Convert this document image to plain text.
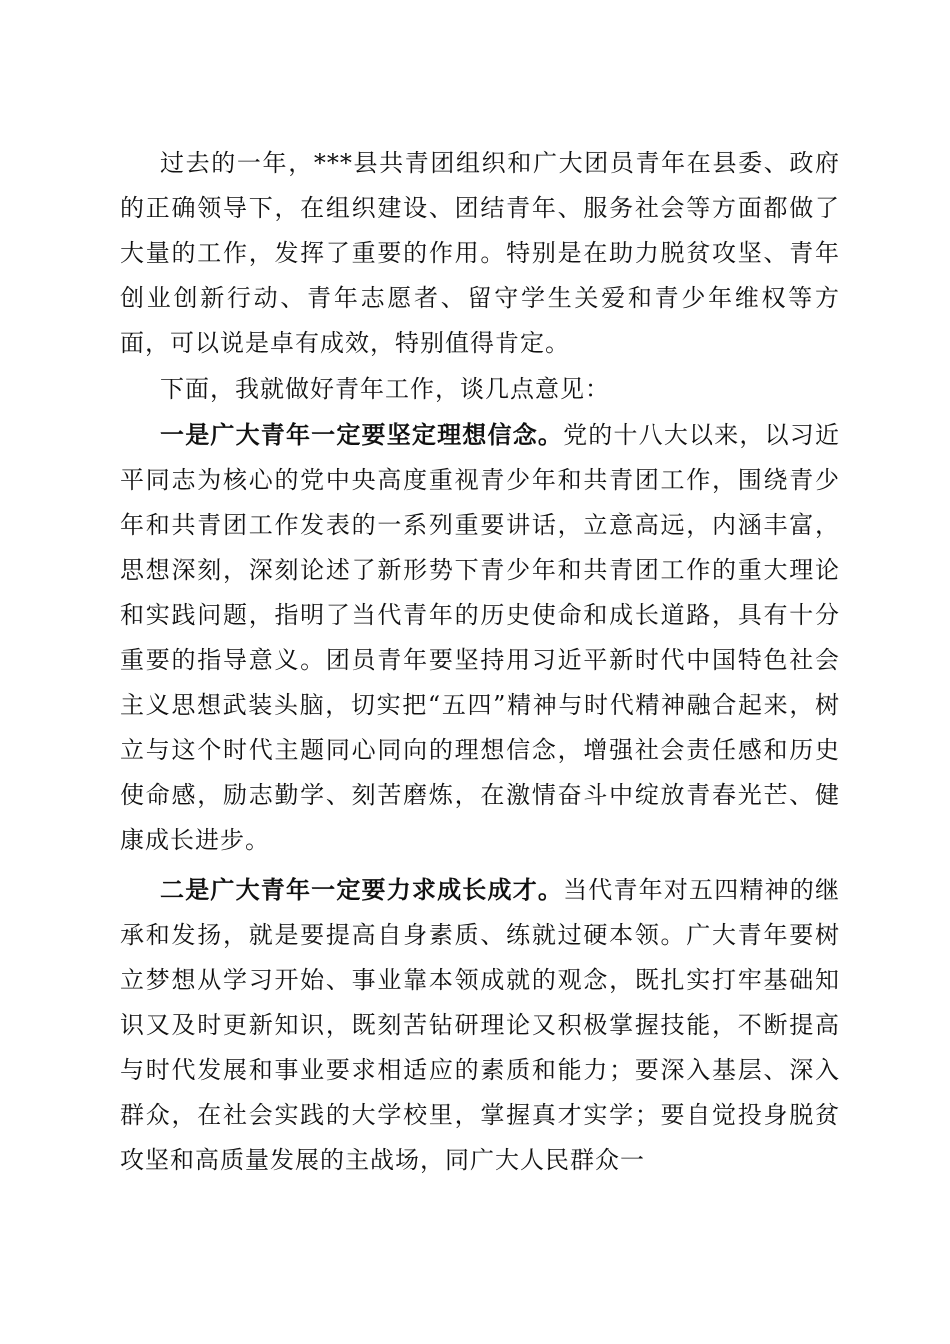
过去的一年，***县共青团组织和广大团员青年在县委、政府的正确领导下，在组织建设、团结青年、服务社会等方面都做了大量的工作，发挥了重要的作用。特别是在助力脱贫攻坚、青年创业创新行动、青年志愿者、留守学生关爱和青少年维权等方面，可以说是卓有成效，特别值得肯定。

下面，我就做好青年工作，谈几点意见：

一是广大青年一定要坚定理想信念。党的十八大以来，以习近平同志为核心的党中央高度重视青少年和共青团工作，围绕青少年和共青团工作发表的一系列重要讲话，立意高远，内涵丰富，思想深刻，深刻论述了新形势下青少年和共青团工作的重大理论和实践问题，指明了当代青年的历史使命和成长道路，具有十分重要的指导意义。团员青年要坚持用习近平新时代中国特色社会主义思想武装头脑，切实把“五四”精神与时代精神融合起来，树立与这个时代主题同心同向的理想信念，增强社会责任感和历史使命感，励志勤学、刻苦磨炼，在激情奋斗中绽放青春光芒、健康成长进步。

二是广大青年一定要力求成长成才。当代青年对五四精神的继承和发扬，就是要提高自身素质、练就过硬本领。广大青年要树立梦想从学习开始、事业靠本领成就的观念，既扎实打牢基础知识又及时更新知识，既刻苦钻研理论又积极掌握技能，不断提高与时代发展和事业要求相适应的素质和能力；要深入基层、深入群众，在社会实践的大学校里，掌握真才实学；要自觉投身脱贫攻坚和高质量发展的主战场，同广大人民群众一
